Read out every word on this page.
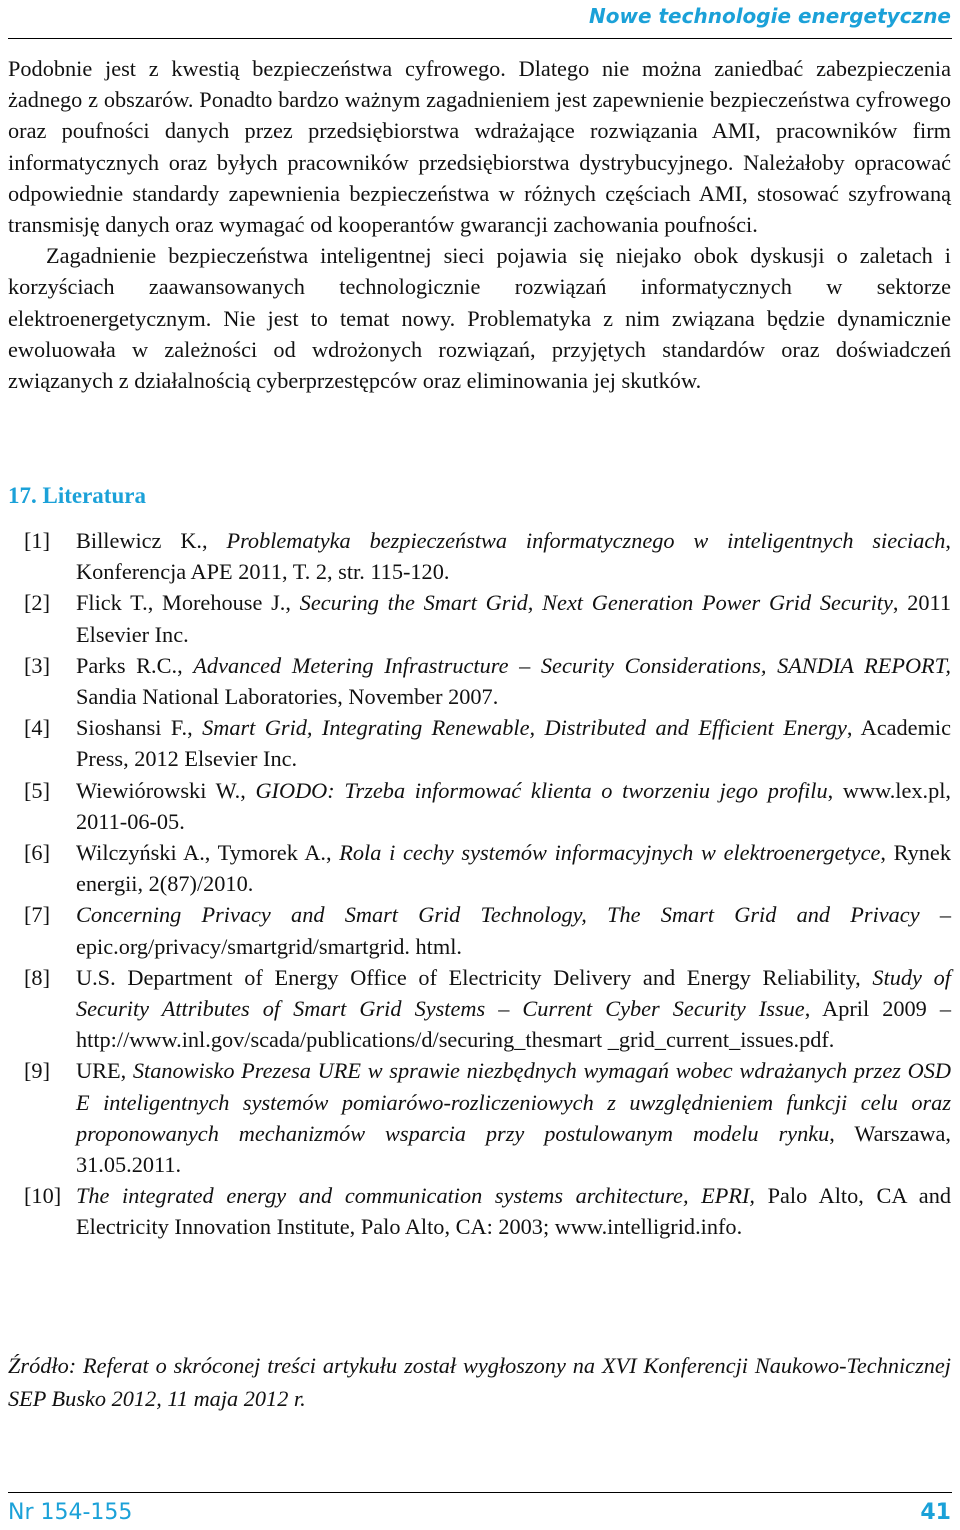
Nowe technologie energetyczne

Podobnie jest z kwestią bezpieczeństwa cyfrowego. Dlatego nie można zaniedbać zabezpieczenia żadnego z obszarów. Ponadto bardzo ważnym zagadnieniem jest zapewnienie bezpieczeństwa cyfrowego oraz poufności danych przez przedsiębiorstwa wdrażające rozwiązania AMI, pracowników firm informatycznych oraz byłych pracowników przedsiębiorstwa dystrybucyjnego. Należałoby opracować odpowiednie standardy zapewnienia bezpieczeństwa w różnych częściach AMI, stosować szyfrowaną transmisję danych oraz wymagać od kooperantów gwarancji zachowania poufności.

Zagadnienie bezpieczeństwa inteligentnej sieci pojawia się niejako obok dyskusji o zaletach i korzyściach zaawansowanych technologicznie rozwiązań informatycznych w sektorze elektroenergetycznym. Nie jest to temat nowy. Problematyka z nim związana będzie dynamicznie ewoluowała w zależności od wdrożonych rozwiązań, przyjętych standardów oraz doświadczeń związanych z działalnością cyberprzestępców oraz eliminowania jej skutków.

17. Literatura
[1]	Billewicz K., Problematyka bezpieczeństwa informatycznego w inteligentnych sieciach, Konferencja APE 2011, T. 2, str. 115-120.
[2]	Flick T., Morehouse J., Securing the Smart Grid, Next Generation Power Grid Security, 2011 Elsevier Inc.
[3]	Parks R.C., Advanced Metering Infrastructure – Security Considerations, SANDIA REPORT, Sandia National Laboratories, November 2007.
[4]	Sioshansi F., Smart Grid, Integrating Renewable, Distributed and Efficient Energy, Academic Press, 2012 Elsevier Inc.
[5]	Wiewiórowski W., GIODO: Trzeba informować klienta o tworzeniu jego profilu, www.lex.pl, 2011-06-05.
[6]	Wilczyński A., Tymorek A., Rola i cechy systemów informacyjnych w elektroenergetyce, Rynek energii, 2(87)/2010.
[7]	Concerning Privacy and Smart Grid Technology, The Smart Grid and Privacy – epic.org/privacy/smartgrid/smartgrid. html.
[8]	U.S. Department of Energy Office of Electricity Delivery and Energy Reliability, Study of Security Attributes of Smart Grid Systems – Current Cyber Security Issue, April 2009 – http://www.inl.gov/scada/publications/d/securing_thesmart _grid_current_issues.pdf.
[9]	URE, Stanowisko Prezesa URE w sprawie niezbędnych wymagań wobec wdrażanych przez OSD E inteligentnych systemów pomiarówo-rozliczeniowych z uwzględnieniem funkcji celu oraz proponowanych mechanizmów wsparcia przy postulowanym modelu rynku, Warszawa, 31.05.2011.
[10] The integrated energy and communication systems architecture, EPRI, Palo Alto, CA and Electricity Innovation Institute, Palo Alto, CA: 2003; www.intelligrid.info.
Źródło: Referat o skróconej treści artykułu został wygłoszony na XVI Konferencji Naukowo-Technicznej SEP Busko 2012, 11 maja 2012 r.
Nr 154-155	41
